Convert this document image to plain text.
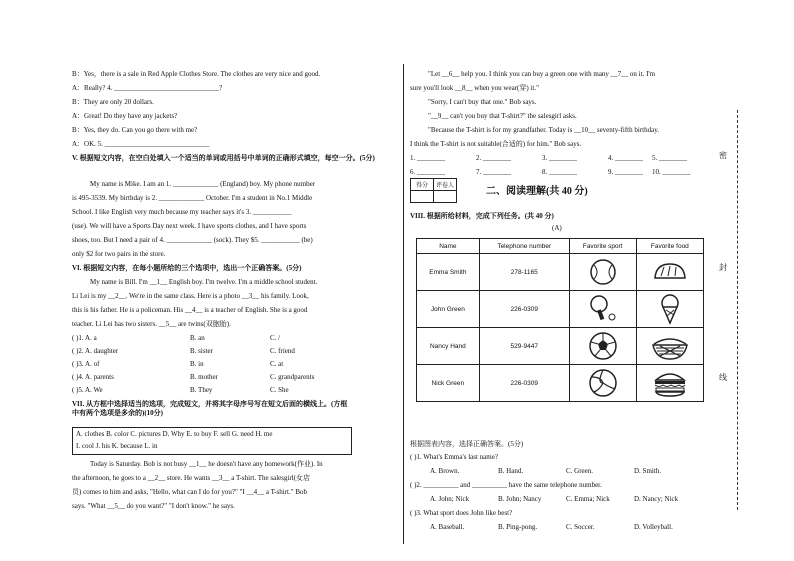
B：Yes，there is a sale in Red Apple Clothes Store. The clothes are very nice and good.
A：Really? 4. ______________________________?
B：They are only 20 dollars.
A：Great! Do they have any jackets?
B：Yes, they do. Can you go there with me?
A：OK. 5. ______________________________
V. 根据短文内容，在空白处填入一个适当的单词或用括号中单词的正确形式填空，每空一分。(5分)
My name is Mike. I am an 1. _____________ (England) boy. My phone number
is 495-3539. My birthday is 2. _____________ October. I'm a student in No.1 Middle
School. I like English very much because my teacher says it's 3. ___________
(use). We will have a Sports Day next week. I have sports clothes, and I have sports
shoes, too. But I need a pair of 4. _____________ (sock). They $5. ___________ (be)
only $2 for two pairs in the store.
VI. 根据短文内容，在每小题所给的三个选项中，选出一个正确答案。(5分)
My name is Bill. I'm __1__ English boy. I'm twelve. I'm a middle school student.
Li Lei is my __2__. We're in the same class. Here is a photo __3__ his family. Look,
this is his father. He is a policeman. His __4__ is a teacher of English. She is a good
teacher. Li Lei has two sisters. __5__ are twins(双胞胎).
( )1. A. a	B. an	C. /
( )2. A. daughter	B. sister	C. friend
( )3. A. of	B. in	C. at
( )4. A. parents	B. mother	C. grandparents
( )5. A. We	B. They	C. She
VII. 从方框中选择适当的选项，完成短文，并将其字母序号写在短文后面的横线上。(方框中有两个选项是多余的)(10分)
A. clothes B. color C. pictures D. Why E. to buy F. sell G. need H. me
I. cool J. his K. because L. in
Today is Saturday. Bob is not busy __1__ he doesn't have any homework(作业). In
the afternoon, he goes to a __2__ store. He wants __3__ a T-shirt. The salesgirl(女店
员) comes to him and asks, "Hello, what can I do for you?" "I __4__ a T-shirt." Bob
says. "What __5__ do you want?" "I don't know." he says.
"Let __6__ help you. I think you can buy a green one with many __7__ on it. I'm
sure you'll look __8__ when you wear(穿) it."
"Sorry, I can't buy that one." Bob says.
"__9__ can't you buy that T-shirt?" the salesgirl asks.
"Because the T-shirt is for my grandfather. Today is __10__ seventy-fifth birthday.
I think the T-shirt is not suitable(合适的) for him." Bob says.
1. ________	2. ________	3. ________	4. ________ 5. ________
6. ________	7. ________	8. ________	9. ________ 10. ________
得分	评卷人
		二、阅读理解(共 40 分)
VIII. 根据所给材料，完成下列任务。(共 40 分)
(A)
Name	Telephone number	Favorite sport	Favorite food
Emma Smith	278-1165	

John Green	226-0309	

Nancy Hand	529-9447	

Nick Green	226-0309	

根据图表内容，选择正确答案。(5分)
( )1. What's Emma's last name?
A. Brown.	B. Hand.	C. Green.	D. Smith.
( )2. __________ and __________ have the same telephone number.
A. John; Nick	B. John; Nancy	C. Emma; Nick	D. Nancy; Nick
( )3. What sport does John like best?
A. Baseball.	B. Ping-pong.	C. Soccer.	D. Volleyball.
密
封
线
